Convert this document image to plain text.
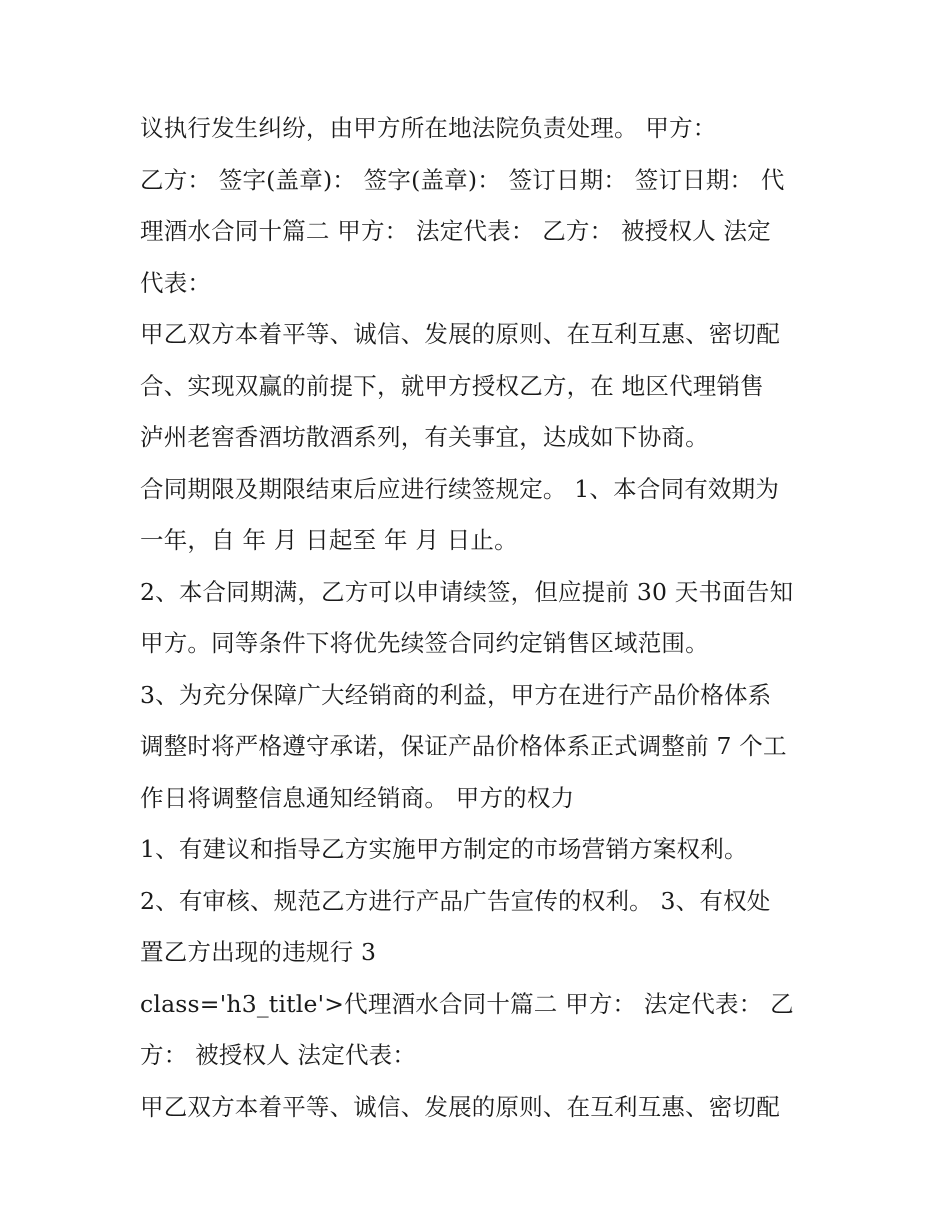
议执行发生纠纷，由甲方所在地法院负责处理。 甲方：
乙方： 签字(盖章)： 签字(盖章)： 签订日期： 签订日期： 代
理酒水合同十篇二 甲方： 法定代表： 乙方： 被授权人 法定
代表：
甲乙双方本着平等、诚信、发展的原则、在互利互惠、密切配
合、实现双赢的前提下，就甲方授权乙方，在 地区代理销售
泸州老窖香酒坊散酒系列，有关事宜，达成如下协商。
合同期限及期限结束后应进行续签规定。 1、本合同有效期为
一年，自 年 月 日起至 年 月 日止。
2、本合同期满，乙方可以申请续签，但应提前 30 天书面告知
甲方。同等条件下将优先续签合同约定销售区域范围。
3、为充分保障广大经销商的利益，甲方在进行产品价格体系
调整时将严格遵守承诺，保证产品价格体系正式调整前 7 个工
作日将调整信息通知经销商。 甲方的权力
1、有建议和指导乙方实施甲方制定的市场营销方案权利。
2、有审核、规范乙方进行产品广告宣传的权利。 3、有权处
置乙方出现的违规行 3
class='h3_title'>代理酒水合同十篇二 甲方： 法定代表： 乙
方： 被授权人 法定代表：
甲乙双方本着平等、诚信、发展的原则、在互利互惠、密切配
